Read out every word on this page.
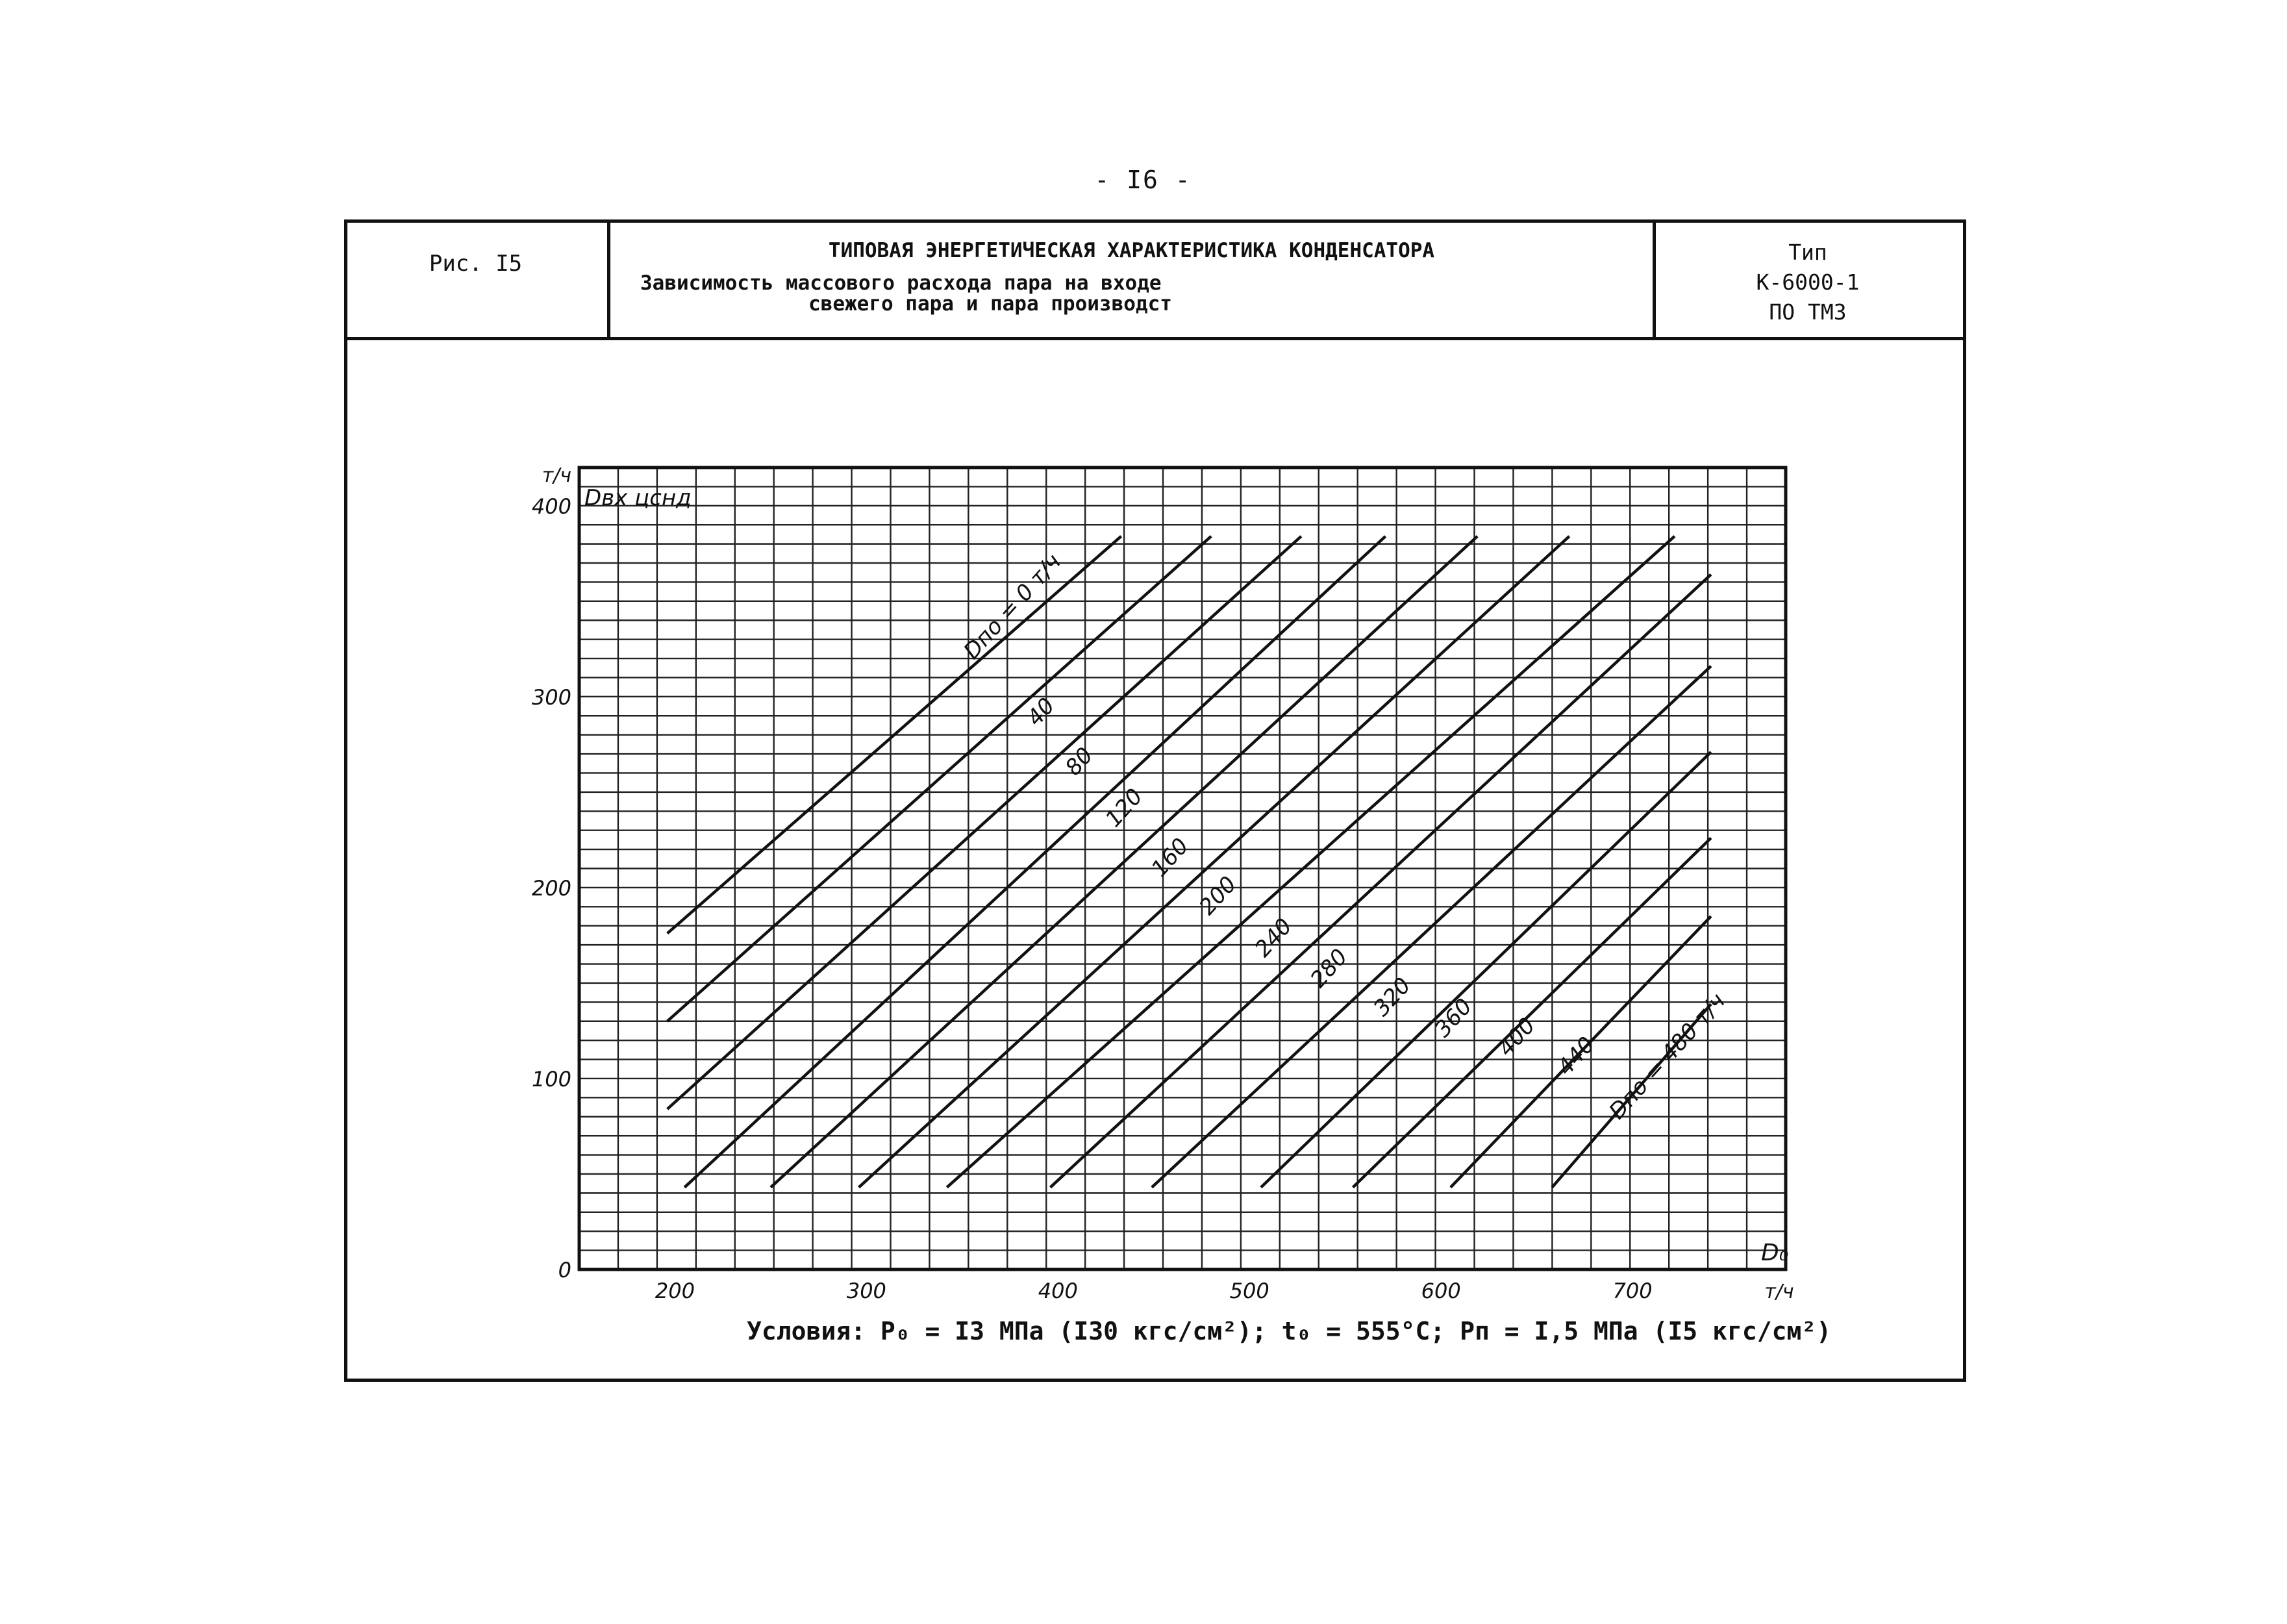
- I6 -
Рис. I5	ТИПОВАЯ ЭНЕРГЕТИЧЕСКАЯ ХАРАКТЕРИСТИКА КОНДЕНСАТОРА
Зависимость массового расхода пара на входе
свежего пара и пара производст
Тип
К-6000-1
ПО ТМЗ
Dпо = 0 т/ч
40
80
120
160
200
240
280
320 360 400 440 Dпо = 480 т/ч
200	300	400	500	600	700
0
100
200
300
400 Dвх цснд
т/ч
D₀
т/ч
Условия: P₀ = I3 МПа (I30 кгс/см²); t₀ = 555°C; Pп = I,5 МПа (I5 кгс/см²)
